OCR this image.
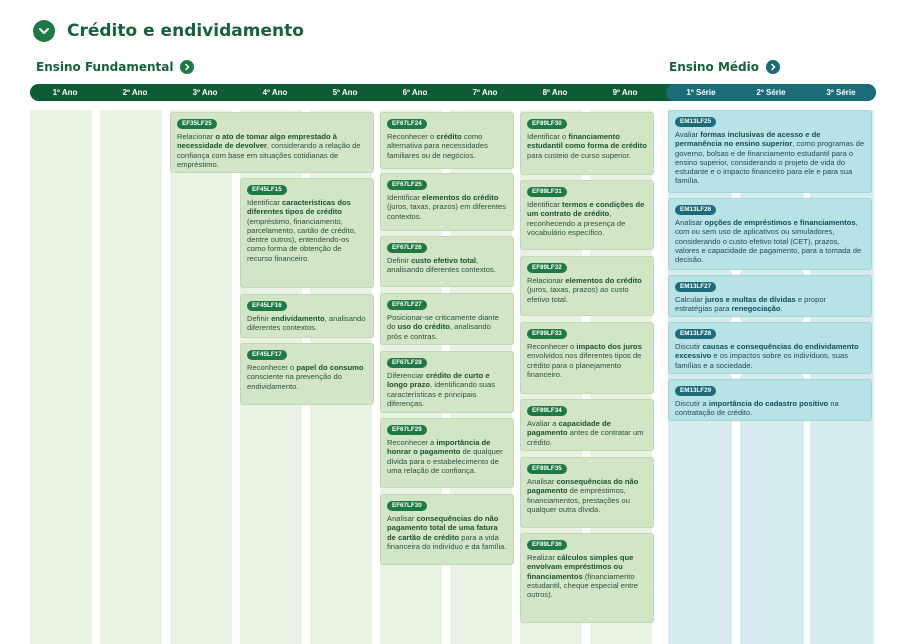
Crédito e endividamento
Ensino Fundamental	Ensino Médio
1º Ano	2º Ano	3º Ano	4º Ano	5º Ano	6º Ano	7º Ano	8º Ano	9º Ano	1º Série	2º Série	3º Série
EF35LF25

Relacionar o ato de tomar algo emprestado à necessidade de devolver, considerando a relação de confiança com base em situações cotidianas de empréstimo.
EF45LF15

Identificar características dos diferentes tipos de crédito (empréstimo, financiamento, parcelamento, cartão de crédito, dentre outros), entendendo-os como forma de obtenção de recurso financeiro.
EF45LF16

Definir endividamento, analisando diferentes contextos.
EF45LF17

Reconhecer o papel do consumo consciente na prevenção do endividamento.
EF67LF24

Reconhecer o crédito como alternativa para necessidades familiares ou de negócios.
EF67LF25

Identificar elementos do crédito (juros, taxas, prazos) em diferentes contextos.
EF67LF26

Definir custo efetivo total, analisando diferentes contextos.
EF67LF27

Posicionar-se criticamente diante do uso do crédito, analisando prós e contras.
EF67LF28

Diferenciar crédito de curto e longo prazo, identificando suas características e principais diferenças.
EF67LF29

Reconhecer a importância de honrar o pagamento de qualquer dívida para o estabelecimento de uma relação de confiança.
EF67LF30

Analisar consequências do não pagamento total de uma fatura de cartão de crédito para a vida financeira do indivíduo e da família.
EF89LF30

Identificar o financiamento estudantil como forma de crédito para custeio de curso superior.
EF89LF31

Identificar termos e condições de um contrato de crédito, reconhecendo a presença de vocabulário específico.
EF89LF32

Relacionar elementos do crédito (juros, taxas, prazos) ao custo efetivo total.
EF89LF33

Reconhecer o impacto dos juros envolvidos nos diferentes tipos de crédito para o planejamento financeiro.
EF89LF34

Avaliar a capacidade de pagamento antes de contratar um crédito.
EF89LF35

Analisar consequências do não pagamento de empréstimos, financiamentos, prestações ou qualquer outra dívida.
EF89LF36

Realizar cálculos simples que envolvam empréstimos ou financiamentos (financiamento estudantil, cheque especial entre outros).
EM13LF25

Avaliar formas inclusivas de acesso e de permanência no ensino superior, como programas de governo, bolsas e de financiamento estudantil para o ensino superior, considerando o projeto de vida do estudante e o impacto financeiro para ele e para sua família.
EM13LF26

Analisar opções de empréstimos e financiamentos, com ou sem uso de aplicativos ou simuladores, considerando o custo efetivo total (CET), prazos, valores e capacidade de pagamento, para a tomada de decisão.
EM13LF27

Calcular juros e multas de dívidas e propor estratégias para renegociação.
EM13LF28

Discutir causas e consequências do endividamento excessivo e os impactos sobre os indivíduos, suas famílias e a sociedade.
EM13LF29

Discutir a importância do cadastro positivo na contratação de crédito.
